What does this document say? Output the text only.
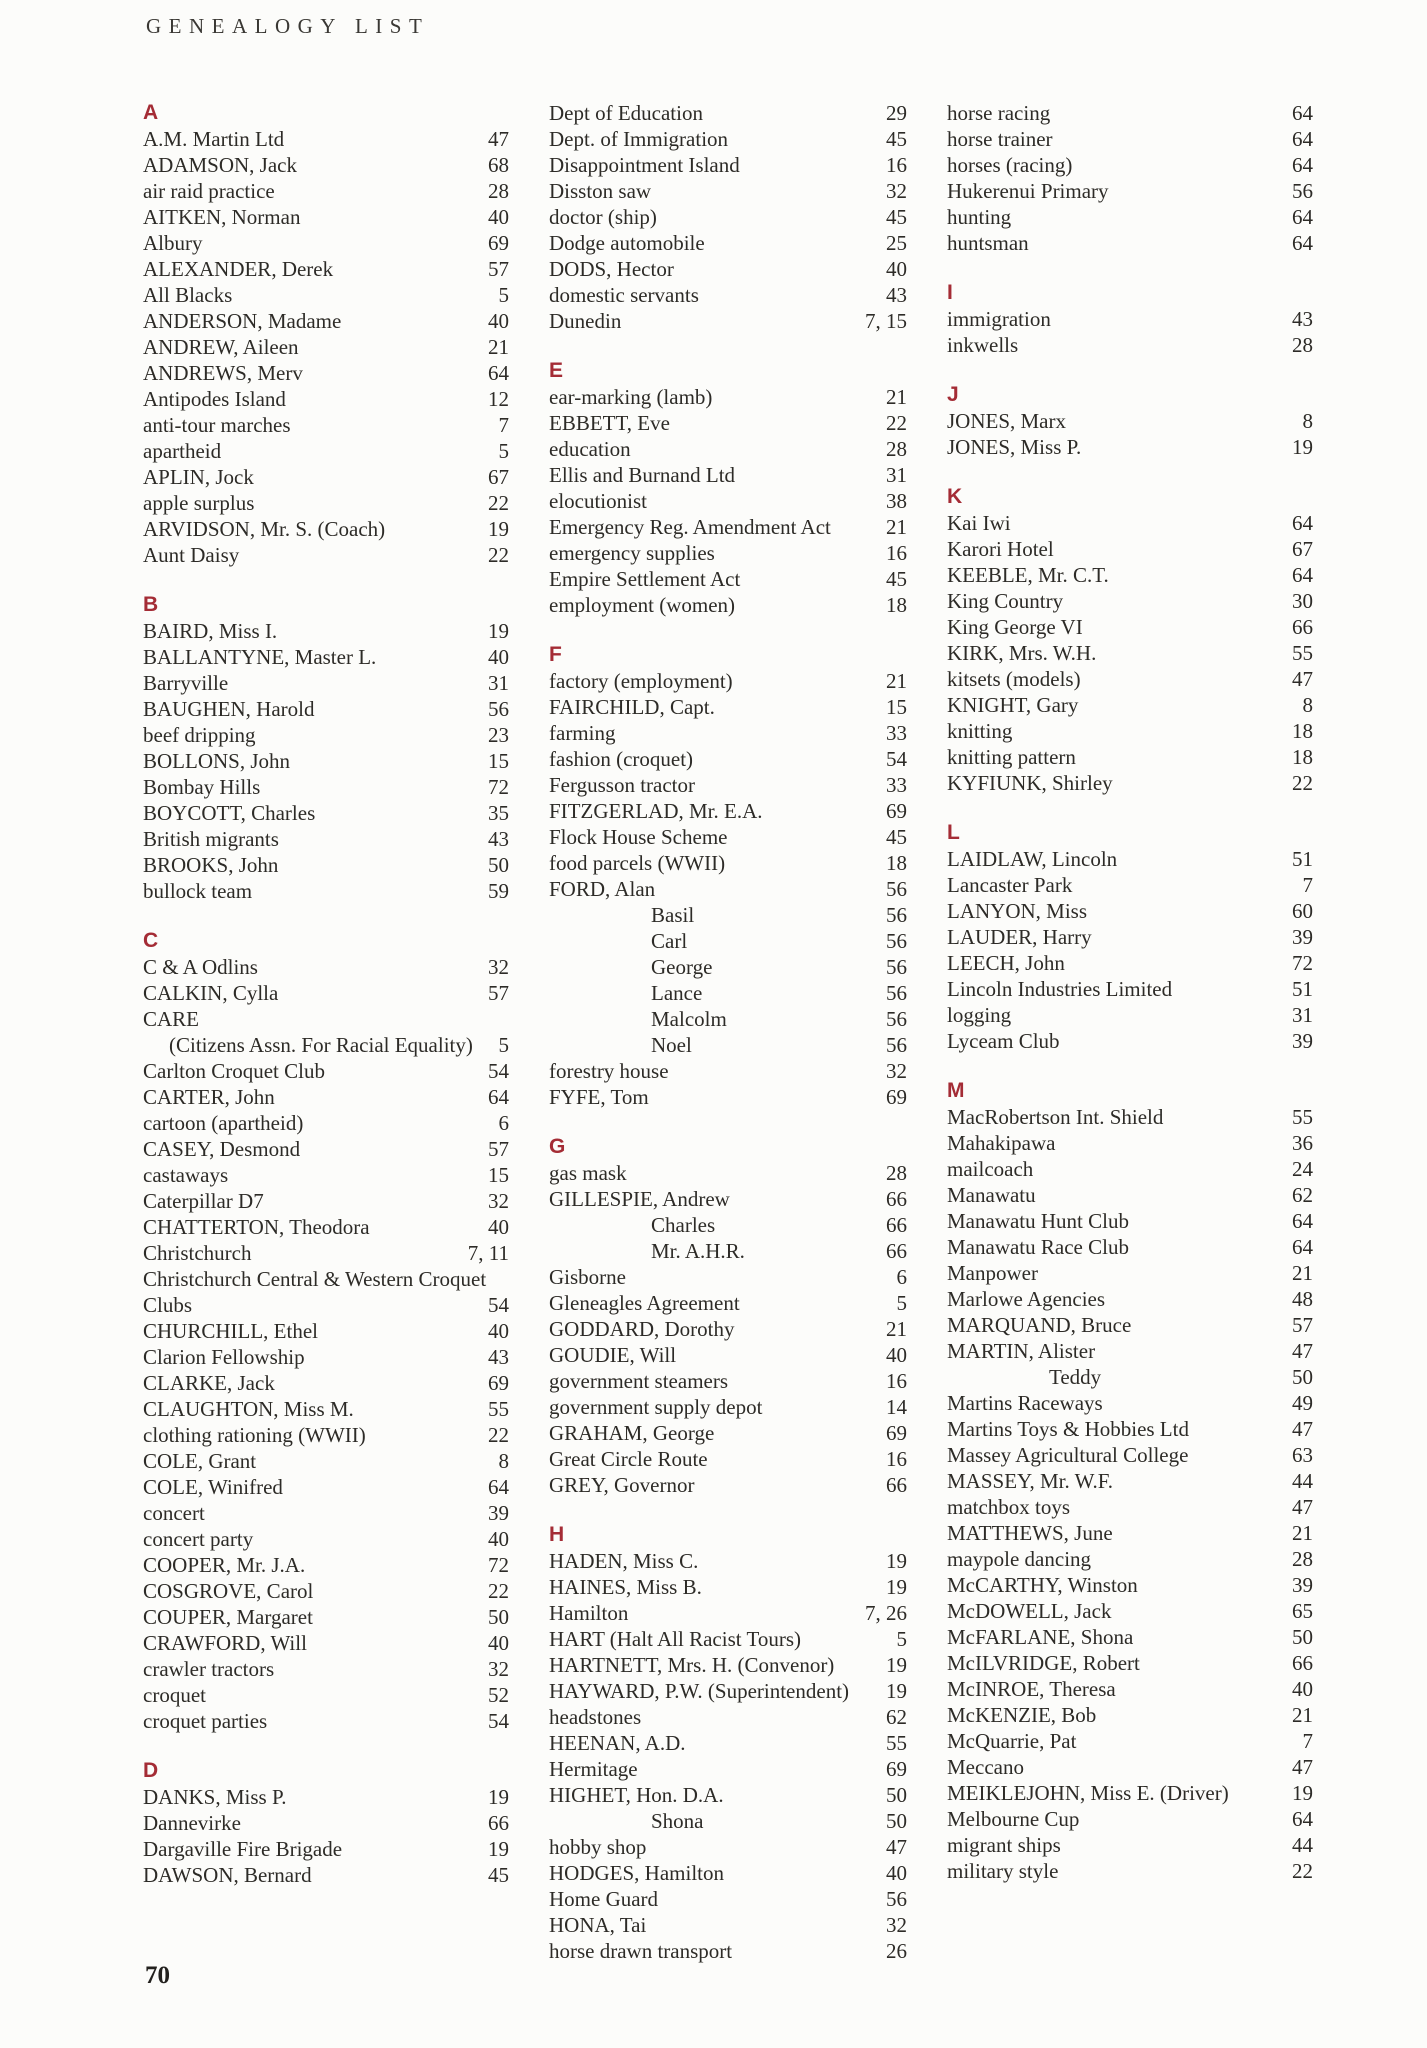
GENEALOGY LIST
A
A.M. Martin Ltd	47
ADAMSON, Jack	68
air raid practice	28
AITKEN, Norman	40
Albury	69
ALEXANDER, Derek	57
All Blacks	5
ANDERSON, Madame	40
ANDREW, Aileen	21
ANDREWS, Merv	64
Antipodes Island	12
anti-tour marches	7
apartheid	5
APLIN, Jock	67
apple surplus	22
ARVIDSON, Mr. S. (Coach)	19
Aunt Daisy	22
B
BAIRD, Miss I.	19
BALLANTYNE, Master L.	40
Barryville	31
BAUGHEN, Harold	56
beef dripping	23
BOLLONS, John	15
Bombay Hills	72
BOYCOTT, Charles	35
British migrants	43
BROOKS, John	50
bullock team	59
C
C & A Odlins	32
CALKIN, Cylla	57
CARE
(Citizens Assn. For Racial Equality)	5
Carlton Croquet Club	54
CARTER, John	64
cartoon (apartheid)	6
CASEY, Desmond	57
castaways	15
Caterpillar D7	32
CHATTERTON, Theodora	40
Christchurch	7, 11
Christchurch Central & Western Croquet
Clubs	54
CHURCHILL, Ethel	40
Clarion Fellowship	43
CLARKE, Jack	69
CLAUGHTON, Miss M.	55
clothing rationing (WWII)	22
COLE, Grant	8
COLE, Winifred	64
concert	39
concert party	40
COOPER, Mr. J.A.	72
COSGROVE, Carol	22
COUPER, Margaret	50
CRAWFORD, Will	40
crawler tractors	32
croquet	52
croquet parties	54
D
DANKS, Miss P.	19
Dannevirke	66
Dargaville Fire Brigade	19
DAWSON, Bernard	45
Dept of Education	29
Dept. of Immigration	45
Disappointment Island	16
Disston saw	32
doctor (ship)	45
Dodge automobile	25
DODS, Hector	40
domestic servants	43
Dunedin	7, 15
E
ear-marking (lamb)	21
EBBETT, Eve	22
education	28
Ellis and Burnand Ltd	31
elocutionist	38
Emergency Reg. Amendment Act	21
emergency supplies	16
Empire Settlement Act	45
employment (women)	18
F
factory (employment)	21
FAIRCHILD, Capt.	15
farming	33
fashion (croquet)	54
Fergusson tractor	33
FITZGERLAD, Mr. E.A.	69
Flock House Scheme	45
food parcels (WWII)	18
FORD, Alan	56
Basil	56
Carl	56
George	56
Lance	56
Malcolm	56
Noel	56
forestry house	32
FYFE, Tom	69
G
gas mask	28
GILLESPIE, Andrew	66
Charles	66
Mr. A.H.R.	66
Gisborne	6
Gleneagles Agreement	5
GODDARD, Dorothy	21
GOUDIE, Will	40
government steamers	16
government supply depot	14
GRAHAM, George	69
Great Circle Route	16
GREY, Governor	66
H
HADEN, Miss C.	19
HAINES, Miss B.	19
Hamilton	7, 26
HART (Halt All Racist Tours)	5
HARTNETT, Mrs. H. (Convenor)	19
HAYWARD, P.W. (Superintendent)	19
headstones	62
HEENAN, A.D.	55
Hermitage	69
HIGHET, Hon. D.A.	50
Shona	50
hobby shop	47
HODGES, Hamilton	40
Home Guard	56
HONA, Tai	32
horse drawn transport	26
horse racing	64
horse trainer	64
horses (racing)	64
Hukerenui Primary	56
hunting	64
huntsman	64
I
immigration	43
inkwells	28
J
JONES, Marx	8
JONES, Miss P.	19
K
Kai Iwi	64
Karori Hotel	67
KEEBLE, Mr. C.T.	64
King Country	30
King George VI	66
KIRK, Mrs. W.H.	55
kitsets (models)	47
KNIGHT, Gary	8
knitting	18
knitting pattern	18
KYFIUNK, Shirley	22
L
LAIDLAW, Lincoln	51
Lancaster Park	7
LANYON, Miss	60
LAUDER, Harry	39
LEECH, John	72
Lincoln Industries Limited	51
logging	31
Lyceam Club	39
M
MacRobertson Int. Shield	55
Mahakipawa	36
mailcoach	24
Manawatu	62
Manawatu Hunt Club	64
Manawatu Race Club	64
Manpower	21
Marlowe Agencies	48
MARQUAND, Bruce	57
MARTIN, Alister	47
Teddy	50
Martins Raceways	49
Martins Toys & Hobbies Ltd	47
Massey Agricultural College	63
MASSEY, Mr. W.F.	44
matchbox toys	47
MATTHEWS, June	21
maypole dancing	28
McCARTHY, Winston	39
McDOWELL, Jack	65
McFARLANE, Shona	50
McILVRIDGE, Robert	66
McINROE, Theresa	40
McKENZIE, Bob	21
McQuarrie, Pat	7
Meccano	47
MEIKLEJOHN, Miss E. (Driver)	19
Melbourne Cup	64
migrant ships	44
military style	22
70
